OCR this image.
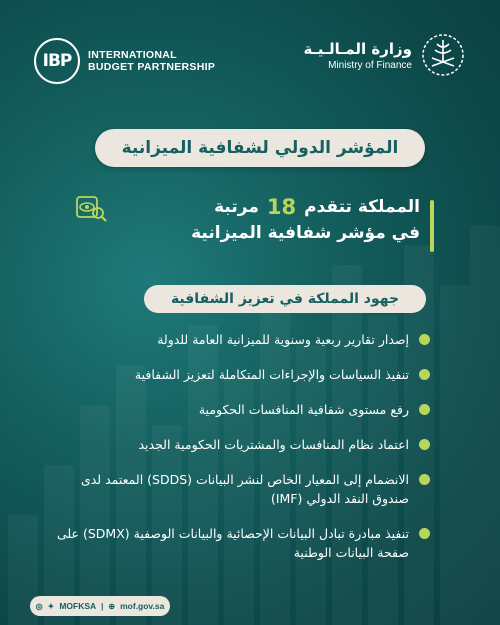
IBP	INTERNATIONAL
BUDGET PARTNERSHIP
وزارة المـالـيـة
Ministry of Finance
المؤشر الدولي لشفافية الميزانية
المملكة تتقدم
18
مرتبة
في مؤشر شفافية الميزانية
جهود المملكة في تعزيز الشفافية
إصدار تقارير ربعية وسنوية للميزانية العامة للدولة
تنفيذ السياسات والإجراءات المتكاملة لتعزيز الشفافية
رفع مستوى شفافية المنافسات الحكومية
اعتماد نظام المنافسات والمشتريات الحكومية الجديد
الانضمام إلى المعيار الخاص لنشر البيانات (SDDS) المعتمد لدى صندوق النقد الدولي (IMF)
تنفيذ مبادرة تبادل البيانات الإحصائية والبيانات الوصفية (SDMX) على صفحة البيانات الوطنية
◎ ✦ MOFKSA | ⊕ mof.gov.sa
